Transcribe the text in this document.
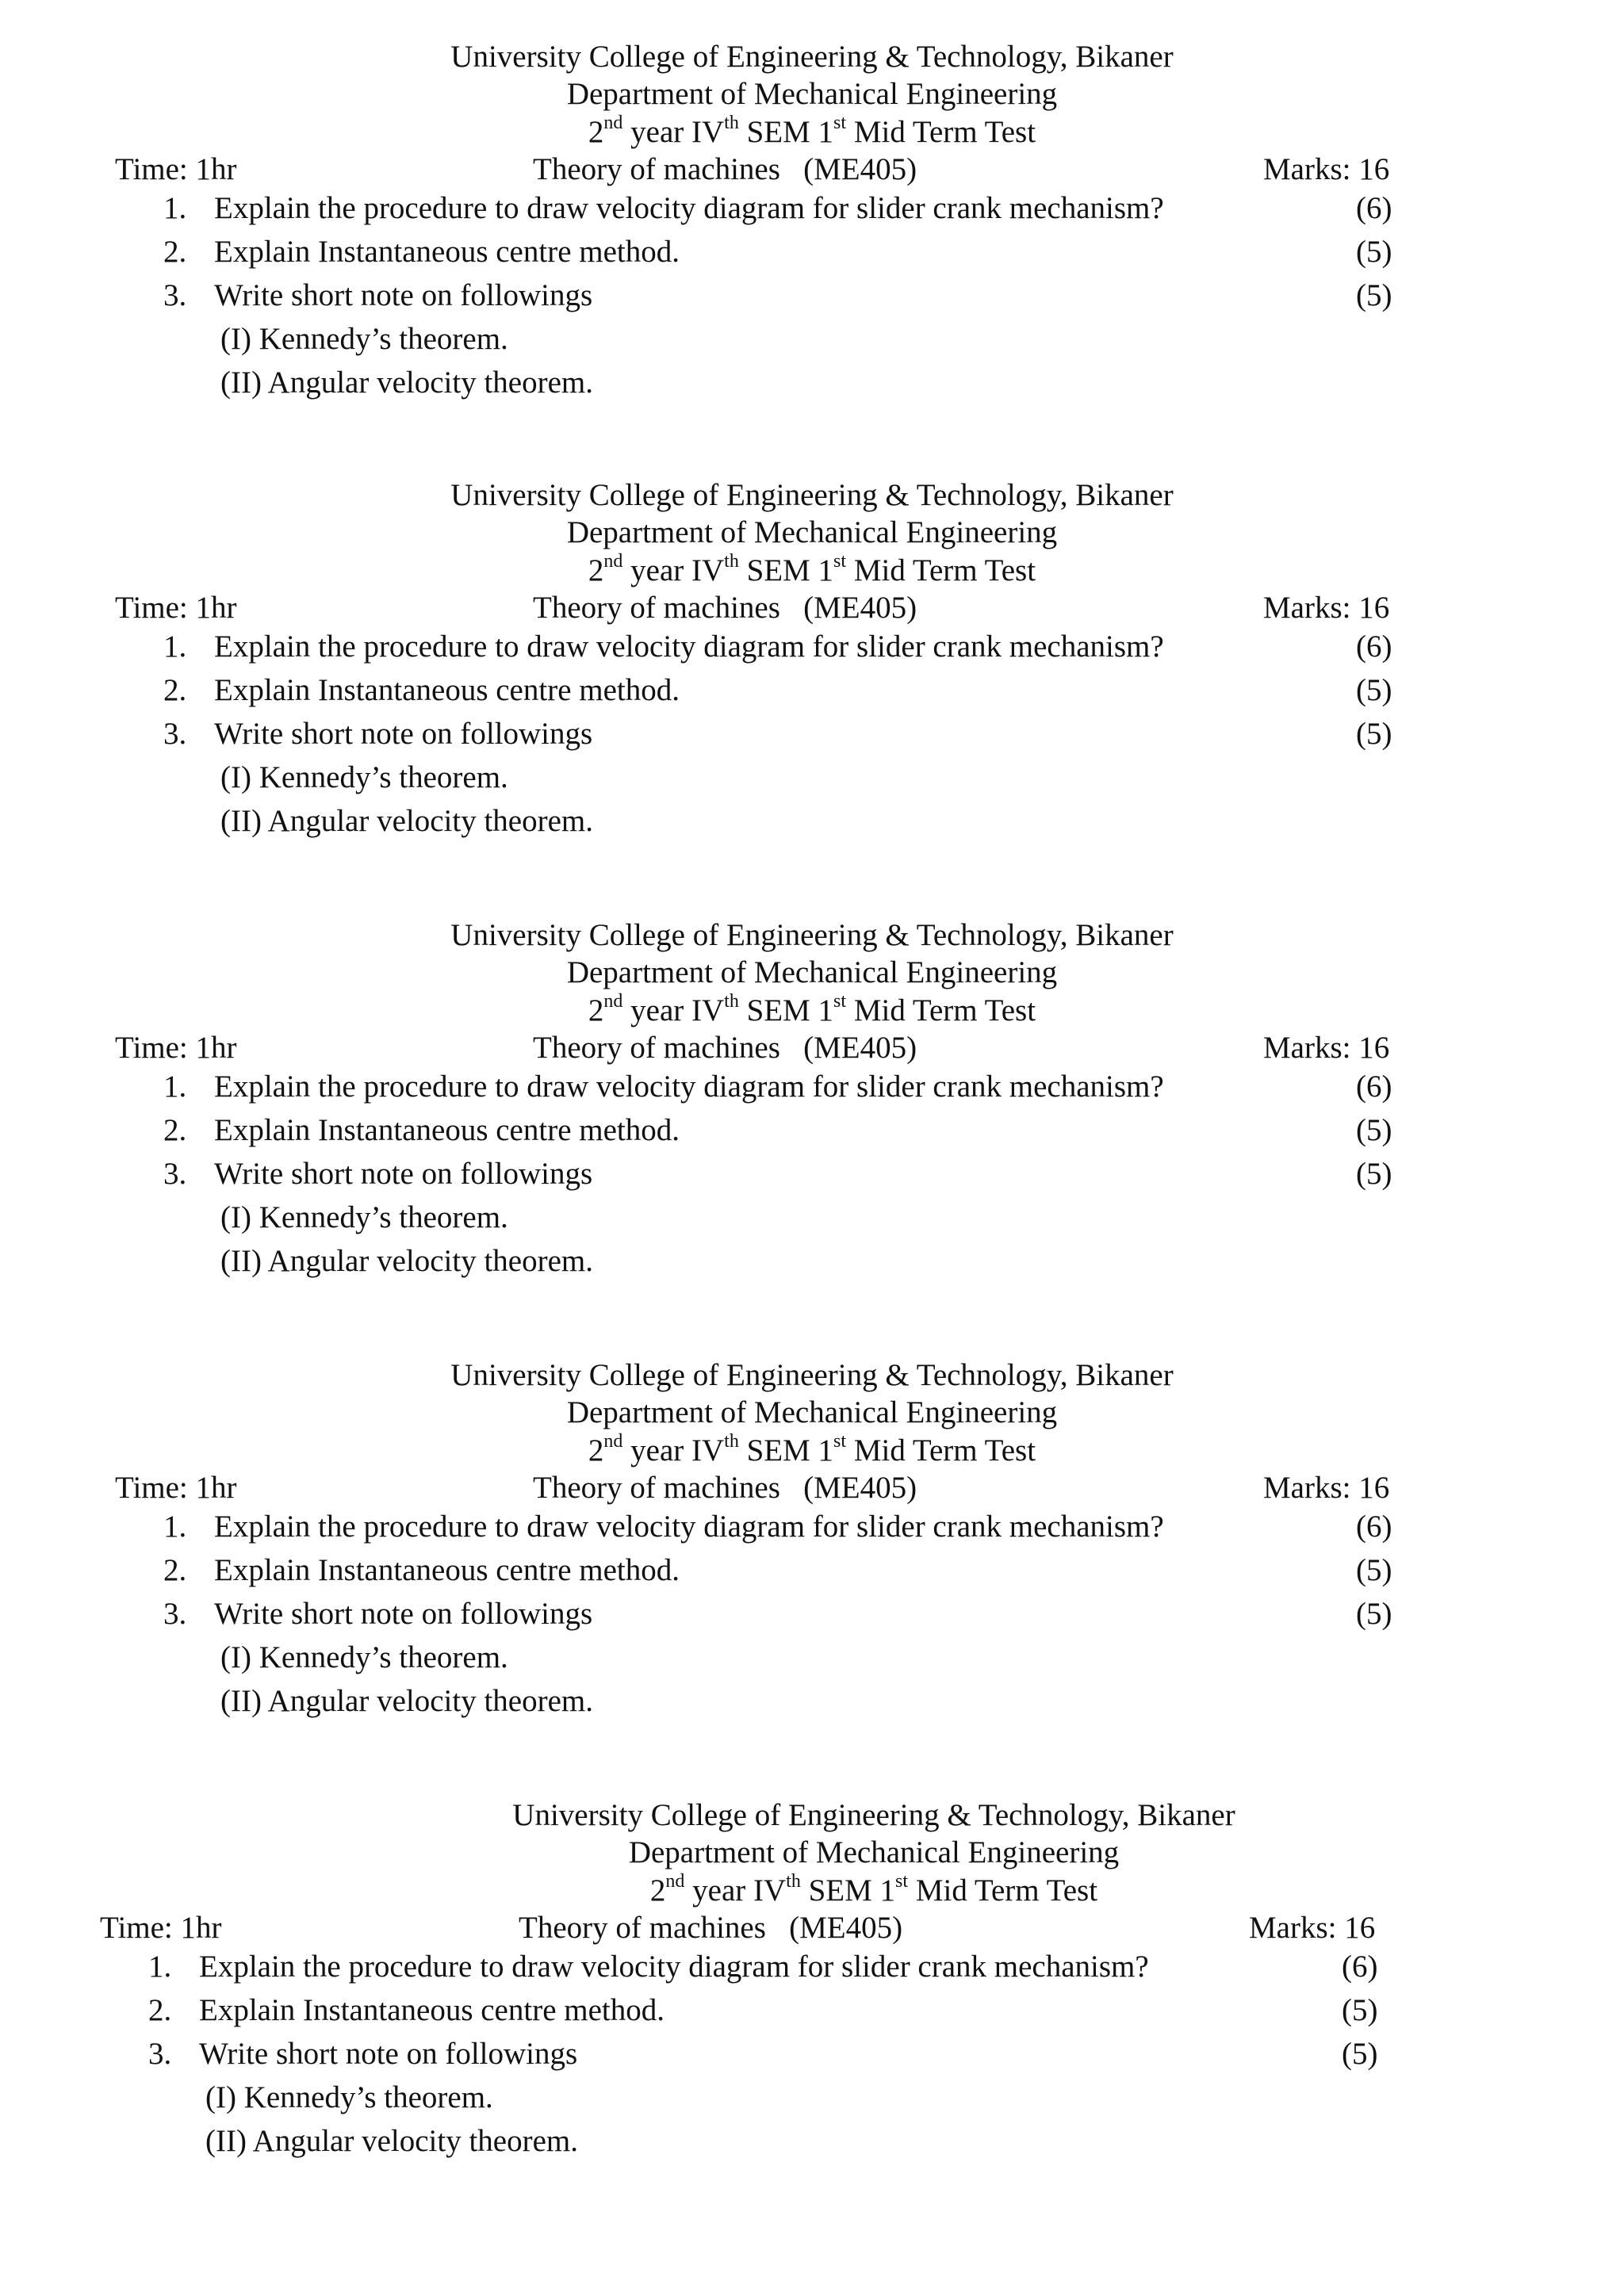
University College of Engineering & Technology, Bikaner
Department of Mechanical Engineering
2nd year IVth SEM 1st Mid Term Test
Time: 1hr	Theory of machines   (ME405)	Marks: 16
1. Explain the procedure to draw velocity diagram for slider crank mechanism?	(6)
2. Explain Instantaneous centre method.	(5)
3. Write short note on followings	(5)
(I) Kennedy’s theorem.
(II) Angular velocity theorem.
University College of Engineering & Technology, Bikaner
Department of Mechanical Engineering
2nd year IVth SEM 1st Mid Term Test
Time: 1hr	Theory of machines   (ME405)	Marks: 16
1. Explain the procedure to draw velocity diagram for slider crank mechanism?	(6)
2. Explain Instantaneous centre method.	(5)
3. Write short note on followings	(5)
(I) Kennedy’s theorem.
(II) Angular velocity theorem.
University College of Engineering & Technology, Bikaner
Department of Mechanical Engineering
2nd year IVth SEM 1st Mid Term Test
Time: 1hr	Theory of machines   (ME405)	Marks: 16
1. Explain the procedure to draw velocity diagram for slider crank mechanism?	(6)
2. Explain Instantaneous centre method.	(5)
3. Write short note on followings	(5)
(I) Kennedy’s theorem.
(II) Angular velocity theorem.
University College of Engineering & Technology, Bikaner
Department of Mechanical Engineering
2nd year IVth SEM 1st Mid Term Test
Time: 1hr	Theory of machines   (ME405)	Marks: 16
1. Explain the procedure to draw velocity diagram for slider crank mechanism?	(6)
2. Explain Instantaneous centre method.	(5)
3. Write short note on followings	(5)
(I) Kennedy’s theorem.
(II) Angular velocity theorem.
University College of Engineering & Technology, Bikaner
Department of Mechanical Engineering
2nd year IVth SEM 1st Mid Term Test
Time: 1hr	Theory of machines   (ME405)	Marks: 16
1. Explain the procedure to draw velocity diagram for slider crank mechanism?	(6)
2. Explain Instantaneous centre method.	(5)
3. Write short note on followings	(5)
(I) Kennedy’s theorem.
(II) Angular velocity theorem.
